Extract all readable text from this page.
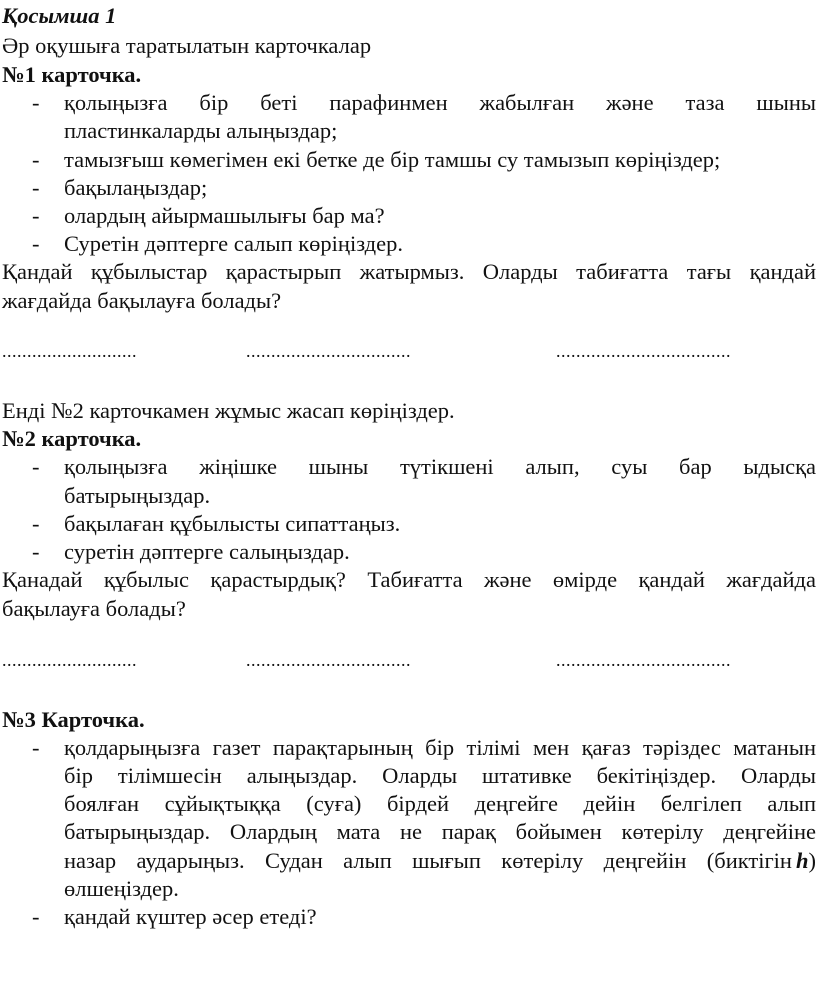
Қосымша 1
Әр оқушыға таратылатын карточкалар
№1 карточка.
-	қолыңызға бір беті парафинмен жабылған және таза шыны
пластинкаларды алыңыздар;
-	тамызғыш көмегімен екі бетке де бір тамшы су тамызып көріңіздер;
-	бақылаңыздар;
-	олардың айырмашылығы бар ма?
-	Суретін дәптерге салып көріңіздер.
Қандай құбылыстар қарастырып жатырмыз. Оларды табиғатта тағы қандай
жағдайда бақылауға болады?
...........................	.................................	...................................
Енді №2 карточкамен жұмыс жасап көріңіздер.
№2 карточка.
-	қолыңызға жіңішке шыны түтікшені алып, суы бар ыдысқа
батырыңыздар.
-	бақылаған құбылысты сипаттаңыз.
-	суретін дәптерге салыңыздар.
Қанадай құбылыс қарастырдық? Табиғатта және өмірде қандай жағдайда
бақылауға болады?
...........................	.................................	...................................
№3 Карточка.
-	қолдарыңызға газет парақтарының бір тілімі мен қағаз тәріздес матанын
бір тілімшесін алыңыздар. Оларды штативке бекітіңіздер. Оларды
боялған сұйықтыққа (суға) бірдей деңгейге дейін белгілеп алып
батырыңыздар. Олардың мата не парақ бойымен көтерілу деңгейіне
назар аударыңыз. Судан алып шығып көтерілу деңгейін (биктігін h)
өлшеңіздер.
-	қандай күштер әсер етеді?
